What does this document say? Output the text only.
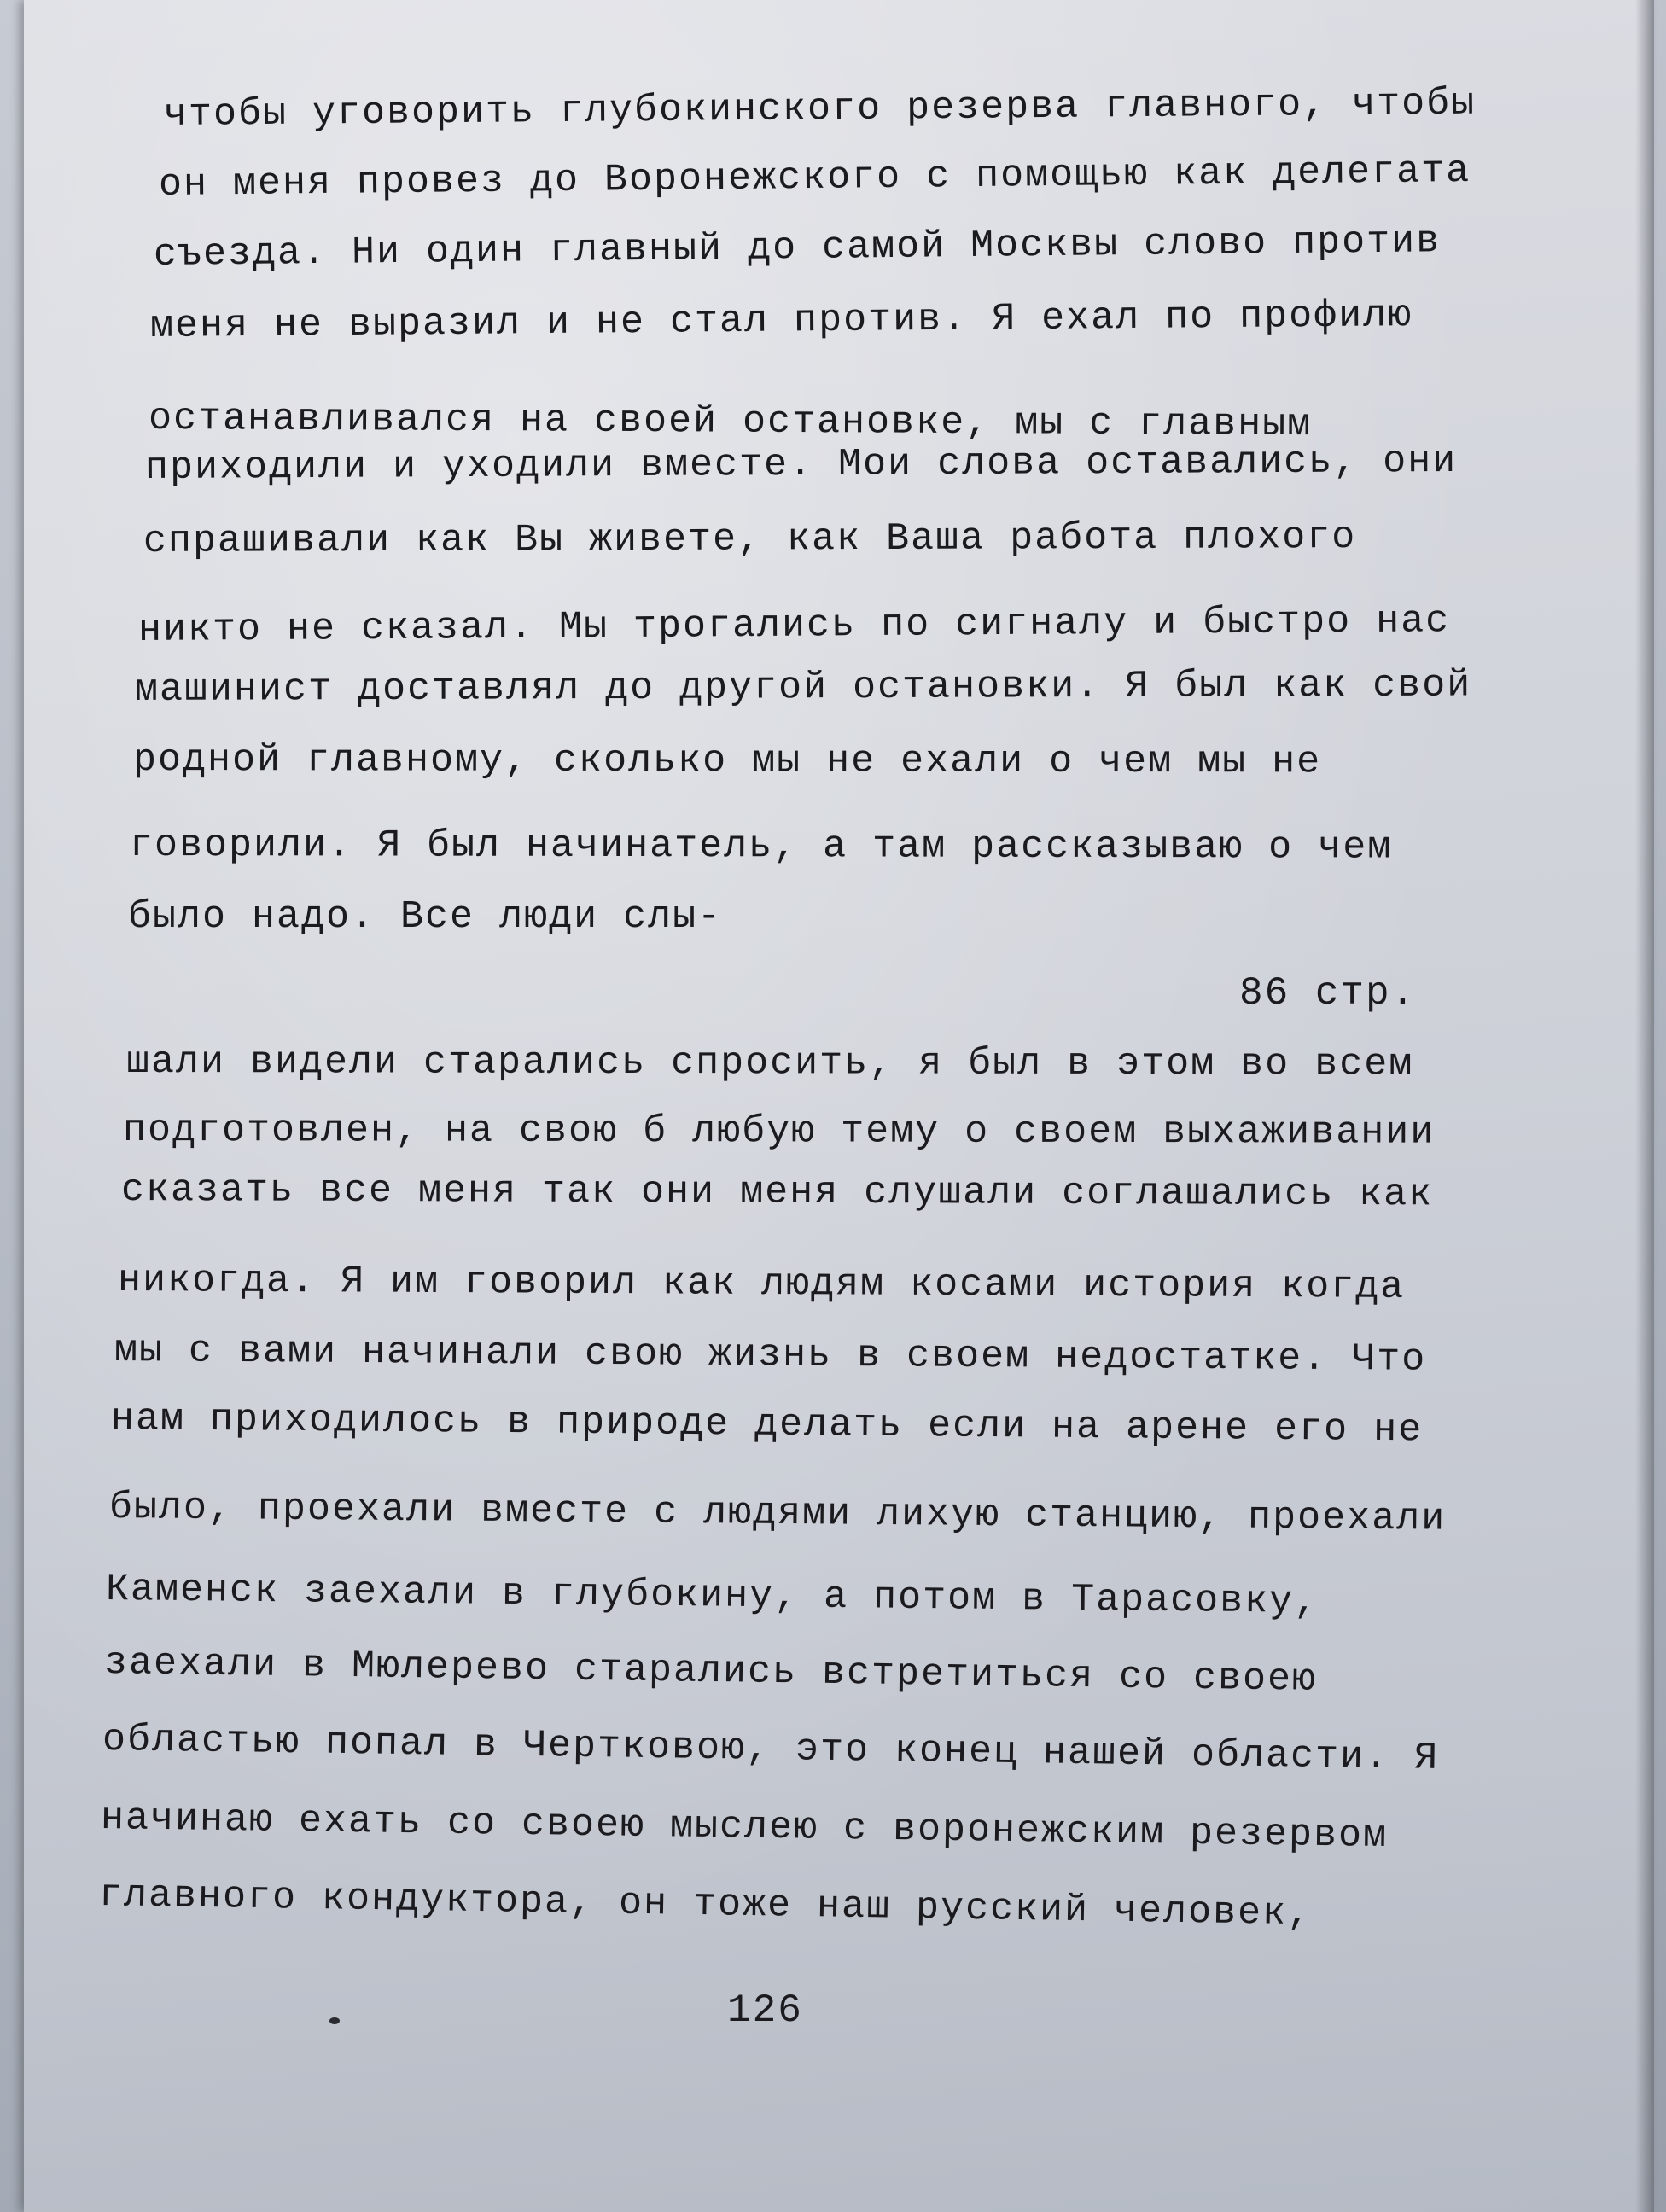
чтобы уговорить глубокинского резерва главного, чтобы
он меня провез до Воронежского с помощью как делегата
съезда. Ни один главный до самой Москвы слово против
меня не выразил и не стал против. Я ехал по профилю
останавливался на своей остановке, мы с главным
приходили и уходили вместе. Мои слова оставались, они
спрашивали как Вы живете, как Ваша работа плохого
никто не сказал. Мы трогались по сигналу и быстро нас
машинист доставлял до другой остановки. Я был как свой
родной главному, сколько мы не ехали о чем мы не
говорили. Я был начинатель, а там рассказываю о чем
было надо. Все люди слы-
86 стр.
шали видели старались спросить, я был в этом во всем
подготовлен, на свою б любую тему о своем выхаживании
сказать все меня так они меня слушали соглашались как
никогда. Я им говорил как людям косами история когда
мы с вами начинали свою жизнь в своем недостатке. Что
нам приходилось в природе делать если на арене его не
было, проехали вместе с людями лихую станцию, проехали
Каменск заехали в глубокину, а потом в Тарасовку,
заехали в Мюлерево старались встретиться со своею
областью попал в Чертковою, это конец нашей области. Я
начинаю ехать со своею мыслею с воронежским резервом
главного кондуктора, он тоже наш русский человек,
126
